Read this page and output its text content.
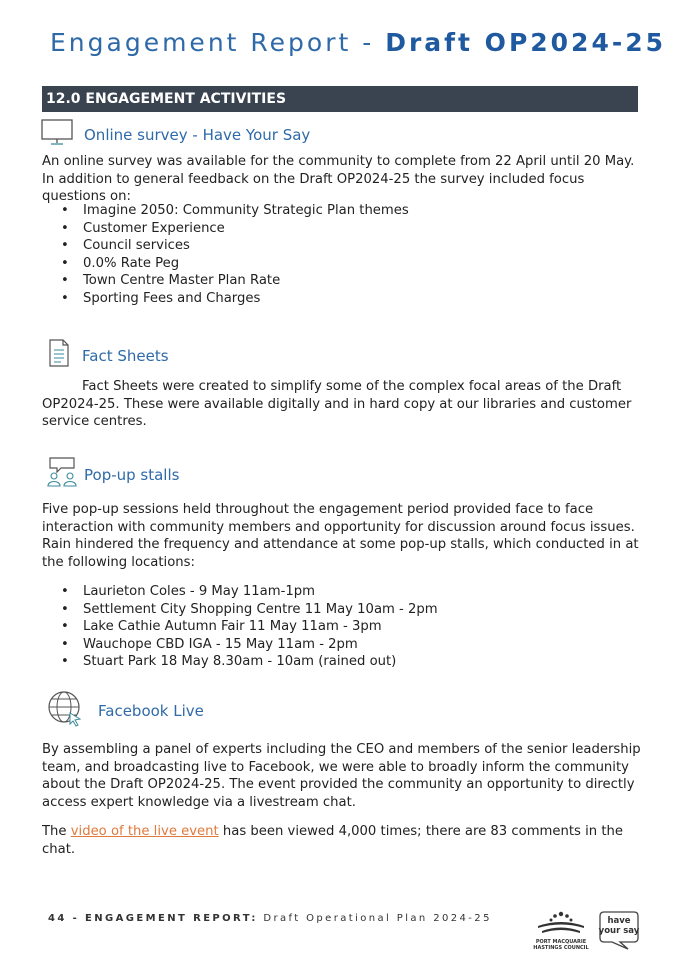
Engagement Report - Draft OP2024-25
12.0 ENGAGEMENT ACTIVITIES
Online survey - Have Your Say

An online survey was available for the community to complete from 22 April until 20 May. In addition to general feedback on the Draft OP2024-25 the survey included focus questions on:

• Imagine 2050: Community Strategic Plan themes
• Customer Experience
• Council services
• 0.0% Rate Peg
• Town Centre Master Plan Rate
• Sporting Fees and Charges
Fact Sheets

Fact Sheets were created to simplify some of the complex focal areas of the Draft OP2024-25. These were available digitally and in hard copy at our libraries and customer service centres.

Pop-up stalls

Five pop-up sessions held throughout the engagement period provided face to face interaction with community members and opportunity for discussion around focus issues. Rain hindered the frequency and attendance at some pop-up stalls, which conducted in at the following locations:

• Laurieton Coles - 9 May 11am-1pm
• Settlement City Shopping Centre 11 May 10am - 2pm
• Lake Cathie Autumn Fair 11 May 11am - 3pm
• Wauchope CBD IGA - 15 May 11am - 2pm
• Stuart Park 18 May 8.30am - 10am (rained out)
Facebook Live

By assembling a panel of experts including the CEO and members of the senior leadership team, and broadcasting live to Facebook, we were able to broadly inform the community about the Draft OP2024-25. The event provided the community an opportunity to directly access expert knowledge via a livestream chat.

The video of the live event has been viewed 4,000 times; there are 83 comments in the chat.

44 - ENGAGEMENT REPORT: Draft Operational Plan 2024-25
PORT MACQUARIE
HASTINGS COUNCIL
have
your say
